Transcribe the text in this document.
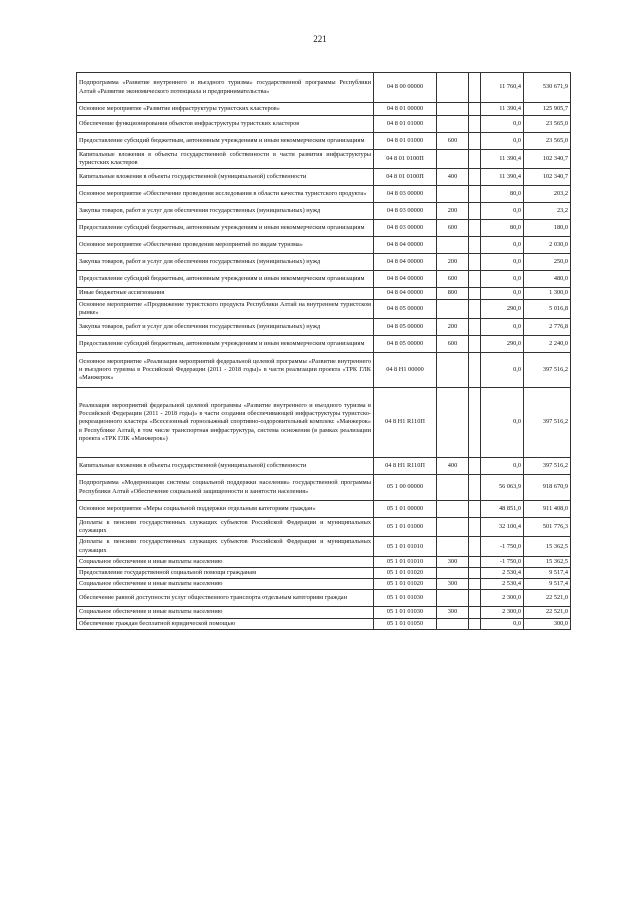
221
Подпрограмма «Развитие внутреннего и въездного туризма» государственной программы Республики Алтай «Развитие экономического потенциала и предпринимательства»	04 8 00 00000			11 760,4	530 671,9
Основное мероприятие «Развитие инфраструктуры туристских кластеров»	04 8 01 00000			11 390,4	125 905,7
Обеспечение функционирования объектов инфраструктуры туристских кластеров	04 8 01 01000			0,0	23 565,0
Предоставление субсидий бюджетным, автономным учреждениям и иным некоммерческим организациям	04 8 01 01000	600		0,0	23 565,0
Капитальные вложения в объекты государственной собственности в части развития инфраструктуры туристских кластеров	04 8 01 0100П			11 390,4	102 340,7
Капитальные вложения в объекты государственной (муниципальной) собственности	04 8 01 0100П	400		11 390,4	102 340,7
Основное мероприятие «Обеспечение проведения исследования в области качества туристского продукта»	04 8 03 00000			80,0	203,2
Закупка товаров, работ и услуг для обеспечения государственных (муниципальных) нужд	04 8 03 00000	200		0,0	23,2
Предоставление субсидий бюджетным, автономным учреждениям и иным некоммерческим организациям	04 8 03 00000	600		80,0	180,0
Основное мероприятие «Обеспечение проведения мероприятий по видам туризма»	04 8 04 00000			0,0	2 030,0
Закупка товаров, работ и услуг для обеспечения государственных (муниципальных) нужд	04 8 04 00000	200		0,0	250,0
Предоставление субсидий бюджетным, автономным учреждениям и иным некоммерческим организациям	04 8 04 00000	600		0,0	480,0
Иные бюджетные ассигнования	04 8 04 00000	800		0,0	1 300,0
Основное мероприятие «Продвижение туристского продукта Республики Алтай на внутреннем туристском рынке»	04 8 05 00000			290,0	5 016,8
Закупка товаров, работ и услуг для обеспечения государственных (муниципальных) нужд	04 8 05 00000	200		0,0	2 776,8
Предоставление субсидий бюджетным, автономным учреждениям и иным некоммерческим организациям	04 8 05 00000	600		290,0	2 240,0
Основное мероприятие «Реализация мероприятий федеральной целевой программы «Развитие внутреннего и въездного туризма в Российской Федерации (2011 - 2018 годы)» в части реализации проекта «ТРК ГЛК «Манжерок»	04 8 Н1 00000			0,0	397 516,2
Реализация мероприятий федеральной целевой программы «Развитие внутреннего и въездного туризма в Российской Федерации (2011 - 2018 годы)» в части создания обеспечивающей инфраструктуры туристско-рекреационного кластера «Всесезонный горнолыжный спортивно-оздоровительный комплекс «Манжерок» в Республике Алтай, в том числе транспортная инфраструктура, система оснежения (в рамках реализации проекта «ТРК ГЛК «Манжерок»)	04 8 Н1 R110П			0,0	397 516,2
Капитальные вложения в объекты государственной (муниципальной) собственности	04 8 Н1 R110П	400		0,0	397 516,2
Подпрограмма «Модернизация системы социальной поддержки населения» государственной программы Республики Алтай «Обеспечение социальной защищенности и занятости населения»	05 1 00 00000			56 063,9	918 670,9
Основное мероприятие «Меры социальной поддержки отдельным категориям граждан»	05 1 01 00000			48 851,0	911 408,0
Доплаты к пенсиям государственных служащих субъектов Российской Федерации и муниципальных служащих	05 1 01 01000			32 100,4	501 776,3
Доплаты к пенсиям государственных служащих субъектов Российской Федерации и муниципальных служащих	05 1 01 01010			-1 750,0	15 362,5
Социальное обеспечение и иные выплаты населению	05 1 01 01010	300		-1 750,0	15 362,5
Предоставление государственной социальной помощи гражданам	05 1 01 01020			2 530,4	9 517,4
Социальное обеспечение и иные выплаты населению	05 1 01 01020	300		2 530,4	9 517,4
Обеспечение равной доступности услуг общественного транспорта отдельным категориям граждан	05 1 01 01030			2 300,0	22 521,0
Социальное обеспечение и иные выплаты населению	05 1 01 01030	300		2 300,0	22 521,0
Обеспечение граждан бесплатной юридической помощью	05 1 01 01050			0,0	300,0
